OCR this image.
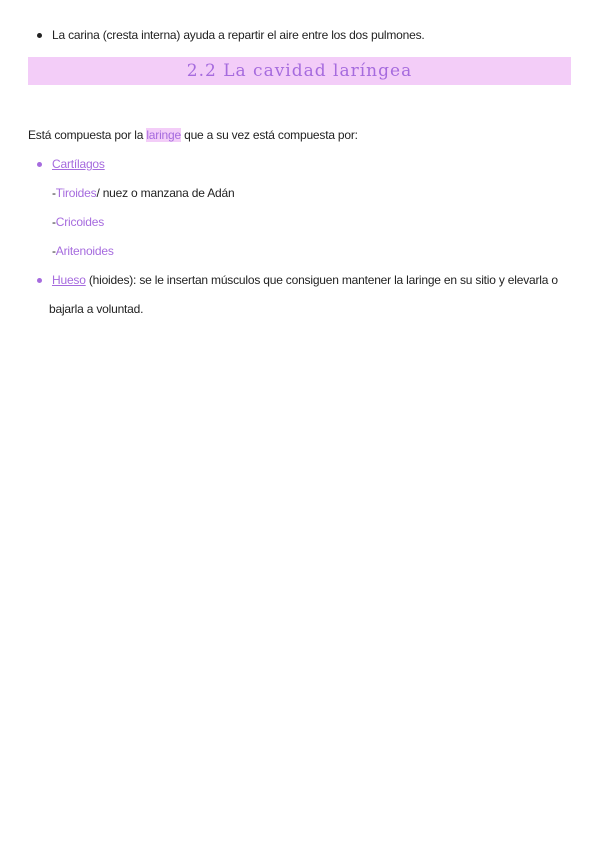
La carina (cresta interna) ayuda a repartir el aire entre los dos pulmones.
2.2 La cavidad laríngea
Está compuesta por la laringe que a su vez está compuesta por:
Cartílagos
-Tiroides/ nuez o manzana de Adán
-Cricoides
-Aritenoides
Hueso (hioides): se le insertan músculos que consiguen mantener la laringe en su sitio y elevarla o
bajarla a voluntad.
